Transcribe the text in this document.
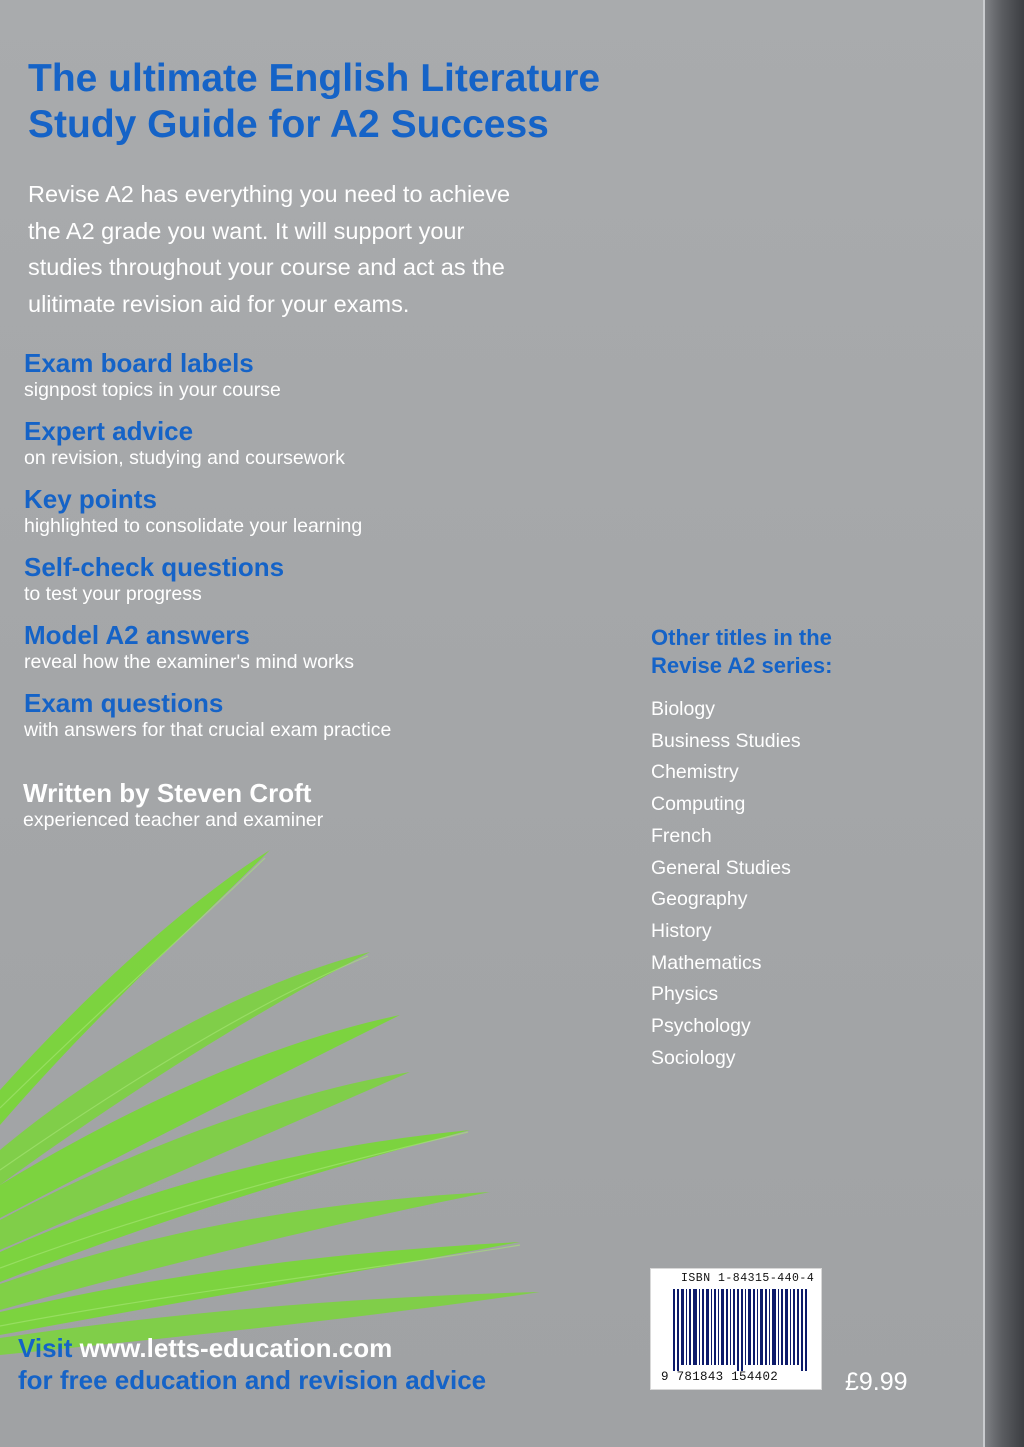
The ultimate English Literature
Study Guide for A2 Success

Revise A2 has everything you need to achieve
the A2 grade you want. It will support your
studies throughout your course and act as the
ulitimate revision aid for your exams.

Exam board labels
signpost topics in your course
Expert advice
on revision, studying and coursework
Key points
highlighted to consolidate your learning
Self-check questions
to test your progress
Model A2 answers
reveal how the examiner's mind works
Exam questions
with answers for that crucial exam practice
Written by Steven Croft
experienced teacher and examiner
Other titles in the Revise A2 series:
Biology
Business Studies
Chemistry
Computing
French
General Studies
Geography
History
Mathematics
Physics
Psychology
Sociology
Visit www.letts-education.com
for free education and revision advice
ISBN 1-84315-440-4
9 781843 154402	£9.99
